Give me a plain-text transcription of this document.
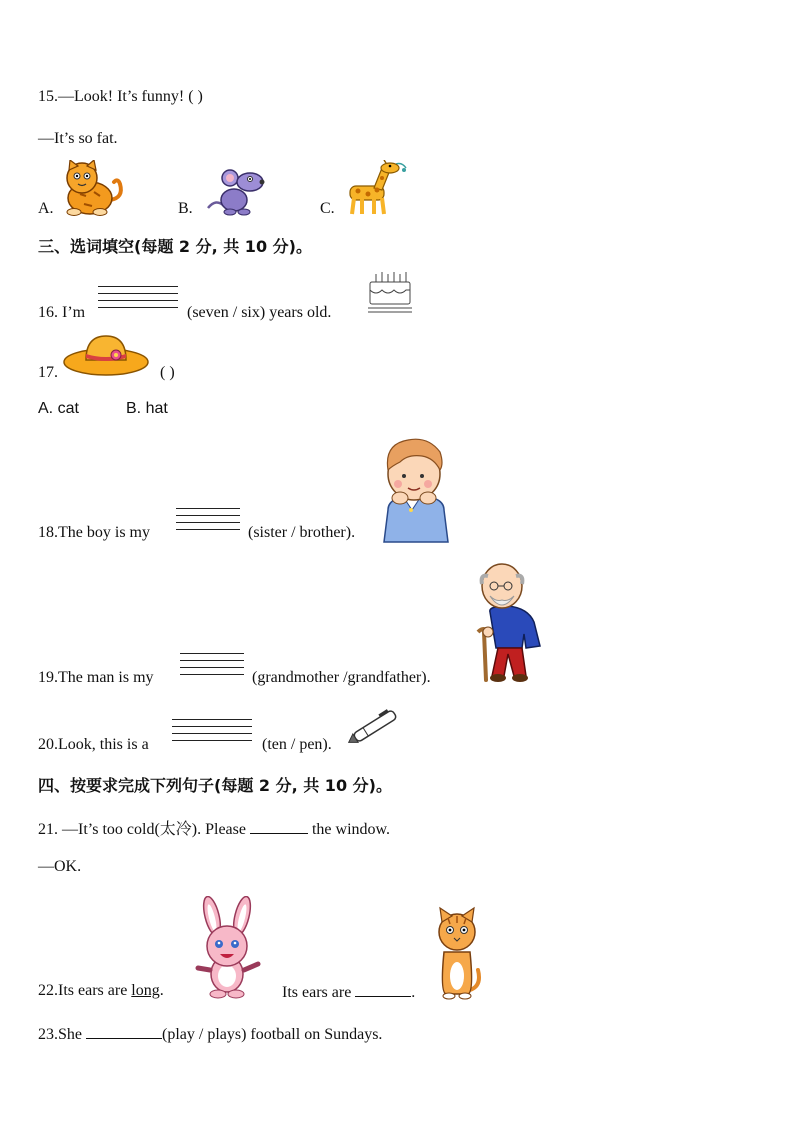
15.—Look! It’s funny! ( )
—It’s so fat.
A.	B.	C.
三、选词填空(每题 2 分, 共 10 分)。
16. I’m	(seven / six) years old.
17.	( )
A. cat	B. hat
18.The boy is my	(sister / brother).
19.The man is my	(grandmother /grandfather).
20.Look, this is a	(ten / pen).
四、按要求完成下列句子(每题 2 分, 共 10 分)。
21. —It’s too cold(太冷). Please	the window.
—OK.
22.Its ears are long.	Its ears are	.
23.She	(play / plays) football on Sundays.
